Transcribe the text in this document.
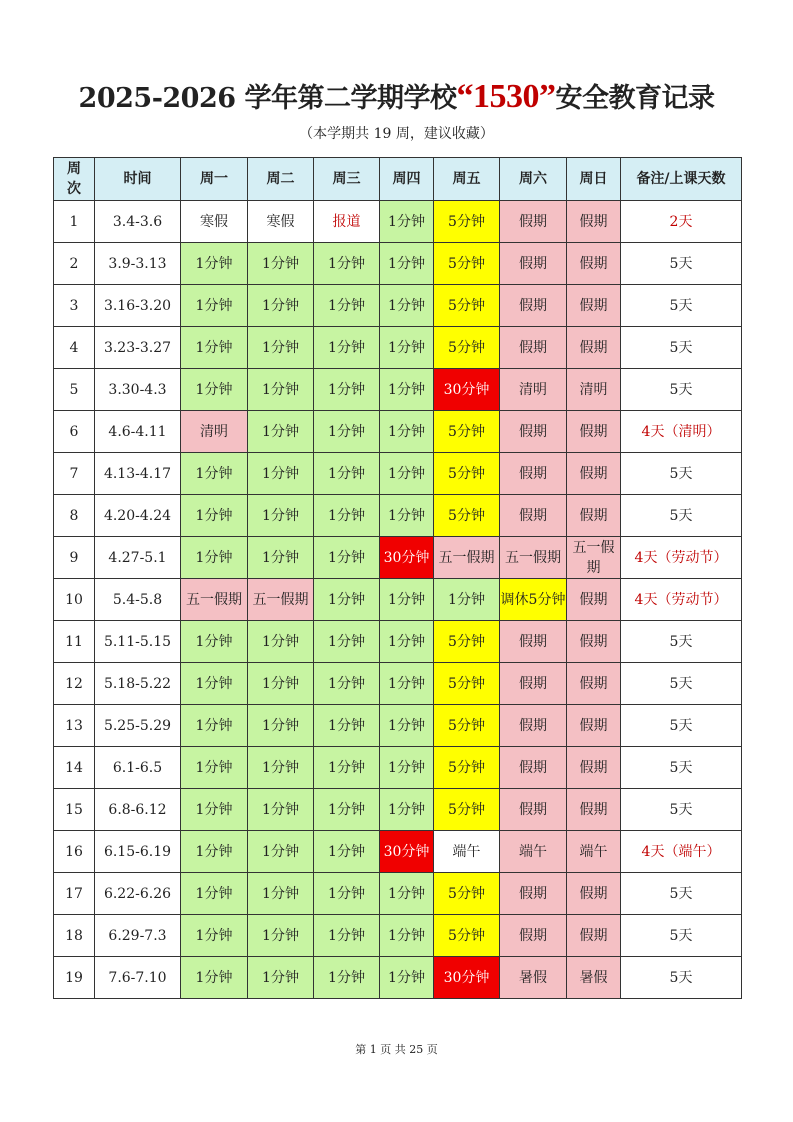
2025-2026 学年第二学期学校“1530”安全教育记录
（本学期共 19 周，建议收藏）
周次	时间	周一	周二	周三	周四	周五	周六	周日	备注/上课天数
1	3.4-3.6	寒假	寒假	报道	1分钟	5分钟	假期	假期	2天
2	3.9-3.13	1分钟	1分钟	1分钟	1分钟	5分钟	假期	假期	5天
3	3.16-3.20	1分钟	1分钟	1分钟	1分钟	5分钟	假期	假期	5天
4	3.23-3.27	1分钟	1分钟	1分钟	1分钟	5分钟	假期	假期	5天
5	3.30-4.3	1分钟	1分钟	1分钟	1分钟	30分钟	清明	清明	5天
6	4.6-4.11	清明	1分钟	1分钟	1分钟	5分钟	假期	假期	4天（清明）
7	4.13-4.17	1分钟	1分钟	1分钟	1分钟	5分钟	假期	假期	5天
8	4.20-4.24	1分钟	1分钟	1分钟	1分钟	5分钟	假期	假期	5天
9	4.27-5.1	1分钟	1分钟	1分钟	30分钟	五一假期	五一假期	五一假期	4天（劳动节）
10	5.4-5.8	五一假期	五一假期	1分钟	1分钟	1分钟	调休5分钟	假期	4天（劳动节）
11	5.11-5.15	1分钟	1分钟	1分钟	1分钟	5分钟	假期	假期	5天
12	5.18-5.22	1分钟	1分钟	1分钟	1分钟	5分钟	假期	假期	5天
13	5.25-5.29	1分钟	1分钟	1分钟	1分钟	5分钟	假期	假期	5天
14	6.1-6.5	1分钟	1分钟	1分钟	1分钟	5分钟	假期	假期	5天
15	6.8-6.12	1分钟	1分钟	1分钟	1分钟	5分钟	假期	假期	5天
16	6.15-6.19	1分钟	1分钟	1分钟	30分钟	端午	端午	端午	4天（端午）
17	6.22-6.26	1分钟	1分钟	1分钟	1分钟	5分钟	假期	假期	5天
18	6.29-7.3	1分钟	1分钟	1分钟	1分钟	5分钟	假期	假期	5天
19	7.6-7.10	1分钟	1分钟	1分钟	1分钟	30分钟	暑假	暑假	5天
第 1 页 共 25 页
